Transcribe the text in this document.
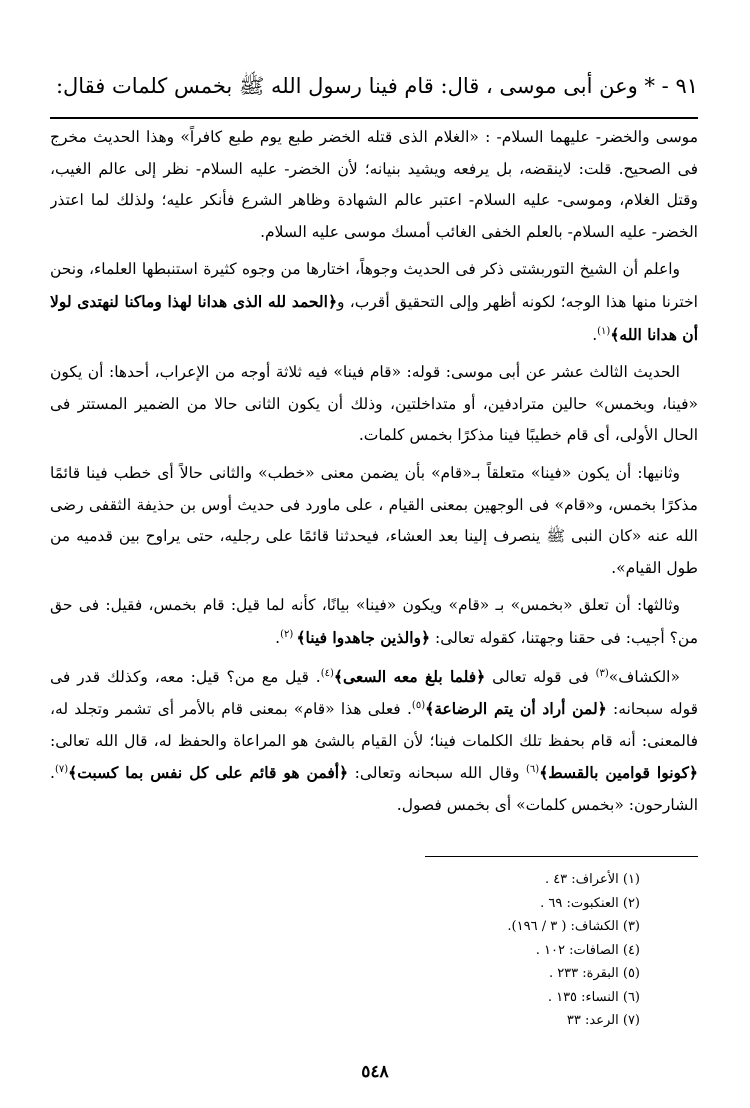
٩١ - * وعن أبى موسى ، قال: قام فينا رسول الله ﷺ بخمس كلمات فقال:

موسى والخضر- عليهما السلام- : «الغلام الذى قتله الخضر طبع يوم طبع كافراً» وهذا الحديث مخرج فى الصحيح. قلت: لاينقضه، بل يرفعه ويشيد بنيانه؛ لأن الخضر- عليه السلام- نظر إلى عالم الغيب، وقتل الغلام، وموسى- عليه السلام- اعتبر عالم الشهادة وظاهر الشرع فأنكر عليه؛ ولذلك لما اعتذر الخضر- عليه السلام- بالعلم الخفى الغائب أمسك موسى عليه السلام.

واعلم أن الشيخ التوربشتى ذكر فى الحديث وجوهاً، اختارها من وجوه كثيرة استنبطها العلماء، ونحن اخترنا منها هذا الوجه؛ لكونه أظهر وإلى التحقيق أقرب، و﴿الحمد لله الذى هدانا لهذا وماكنا لنهتدى لولا أن هدانا الله﴾$^{(١)}$.

الحديث الثالث عشر عن أبى موسى: قوله: «قام فينا» فيه ثلاثة أوجه من الإعراب، أحدها: أن يكون «فينا، وبخمس» حالين مترادفين، أو متداخلتين، وذلك أن يكون الثانى حالا من الضمير المستتر فى الحال الأولى، أى قام خطيبًا فينا مذكرًا بخمس كلمات.

وثانيها: أن يكون «فينا» متعلقاً بـ«قام» بأن يضمن معنى «خطب» والثانى حالاً أى خطب فينا قائمًا مذكرًا بخمس، و«قام» فى الوجهين بمعنى القيام ، على ماورد فى حديث أوس بن حذيفة الثقفى رضى الله عنه «كان النبى ﷺ ينصرف إلينا بعد العشاء، فيحدثنا قائمًا على رجليه، حتى يراوح بين قدميه من طول القيام».

وثالثها: أن تعلق «بخمس» بـ «قام» ويكون «فينا» بيانًا، كأنه لما قيل: قام بخمس، فقيل: فى حق من؟ أجيب: فى حقنا وجهتنا، كقوله تعالى: ﴿والذين جاهدوا فينا﴾ $^{(٢)}$.

«الكشاف»$^{(٣)}$ فى قوله تعالى ﴿فلما بلغ معه السعى﴾$^{(٤)}$. قيل مع من؟ قيل: معه، وكذلك قدر فى قوله سبحانه: ﴿لمن أراد أن يتم الرضاعة﴾$^{(٥)}$. فعلى هذا «قام» بمعنى قام بالأمر أى تشمر وتجلد له، فالمعنى: أنه قام بحفظ تلك الكلمات فينا؛ لأن القيام بالشئ هو المراعاة والحفظ له، قال الله تعالى: ﴿كونوا قوامين بالقسط﴾$^{(٦)}$ وقال الله سبحانه وتعالى: ﴿أفمن هو قائم على كل نفس بما كسبت﴾$^{(٧)}$. الشارحون: «بخمس كلمات» أى بخمس فصول.

(١) الأعراف: ٤٣ .
(٢) العنكبوت: ٦٩ .
(٣) الكشاف: ( ٣ / ١٩٦).
(٤) الصافات: ١٠٢ .
(٥) البقرة: ٢٣٣ .
(٦) النساء: ١٣٥ .
(٧) الرعد: ٣٣
٥٤٨
